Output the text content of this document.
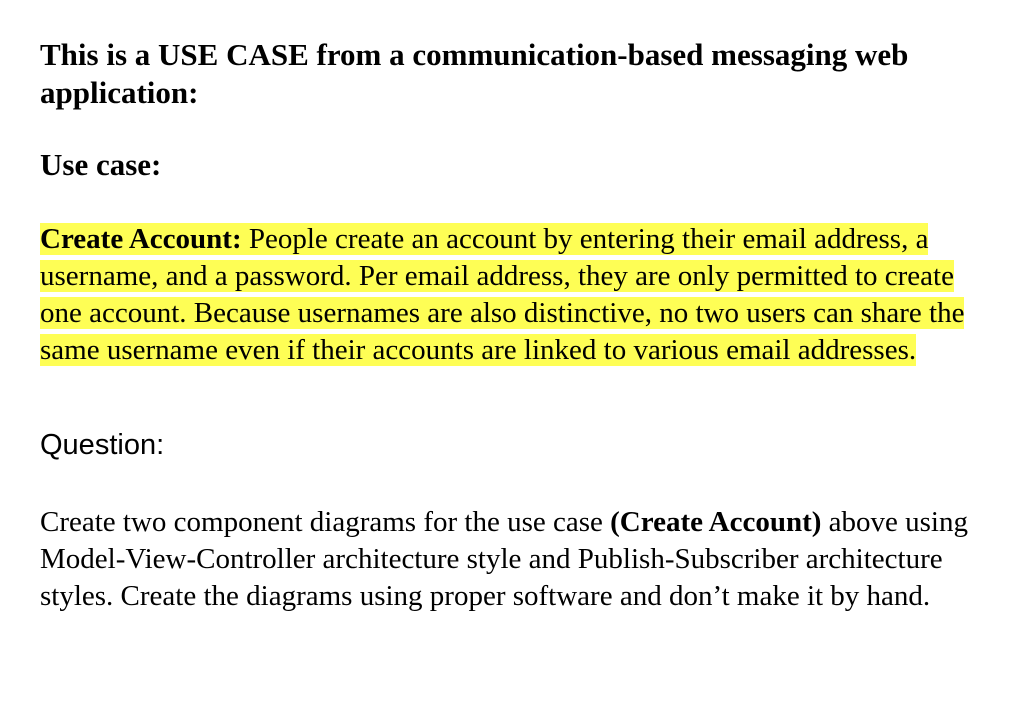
This is a USE CASE from a communication-based messaging web application:
Use case:

Create Account: People create an account by entering their email address, a username, and a password. Per email address, they are only permitted to create one account. Because usernames are also distinctive, no two users can share the same username even if their accounts are linked to various email addresses.

Question:

Create two component diagrams for the use case (Create Account) above using Model-View-Controller architecture style and Publish-Subscriber architecture styles. Create the diagrams using proper software and don’t make it by hand.
